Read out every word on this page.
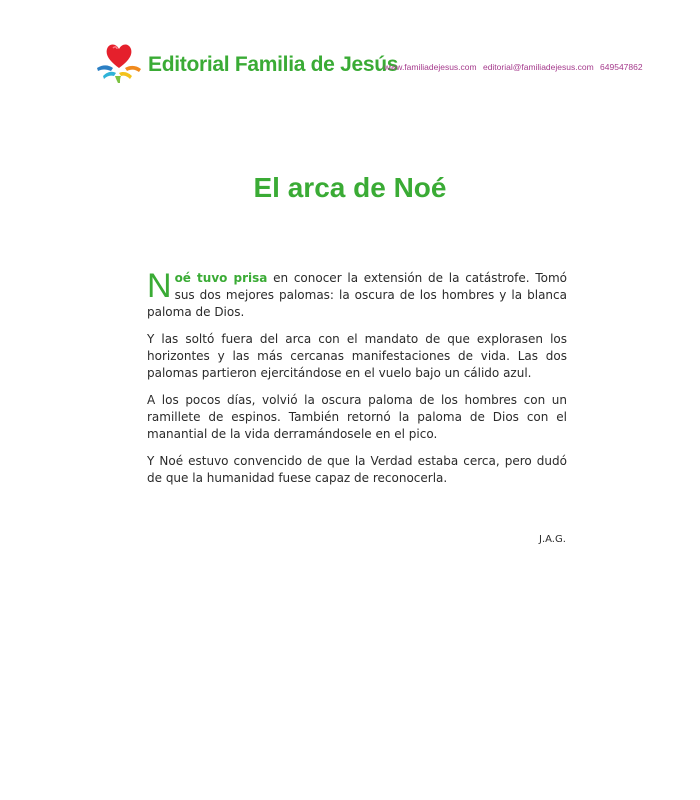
Editorial Familia de Jesús
www.familiadejesus.com editorial@familiadejesus.com 649547862
El arca de Noé

Noé tuvo prisa en conocer la extensión de la catástrofe. Tomó sus dos mejores palomas: la oscura de los hombres y la blanca paloma de Dios.

Y las soltó fuera del arca con el mandato de que explorasen los horizontes y las más cercanas manifestaciones de vida. Las dos palomas partieron ejercitándose en el vuelo bajo un cálido azul.

A los pocos días, volvió la oscura paloma de los hombres con un ramillete de espinos. También retornó la paloma de Dios con el manantial de la vida derramándosele en el pico.

Y Noé estuvo convencido de que la Verdad estaba cerca, pero dudó de que la humanidad fuese capaz de reconocerla.

J.A.G.
